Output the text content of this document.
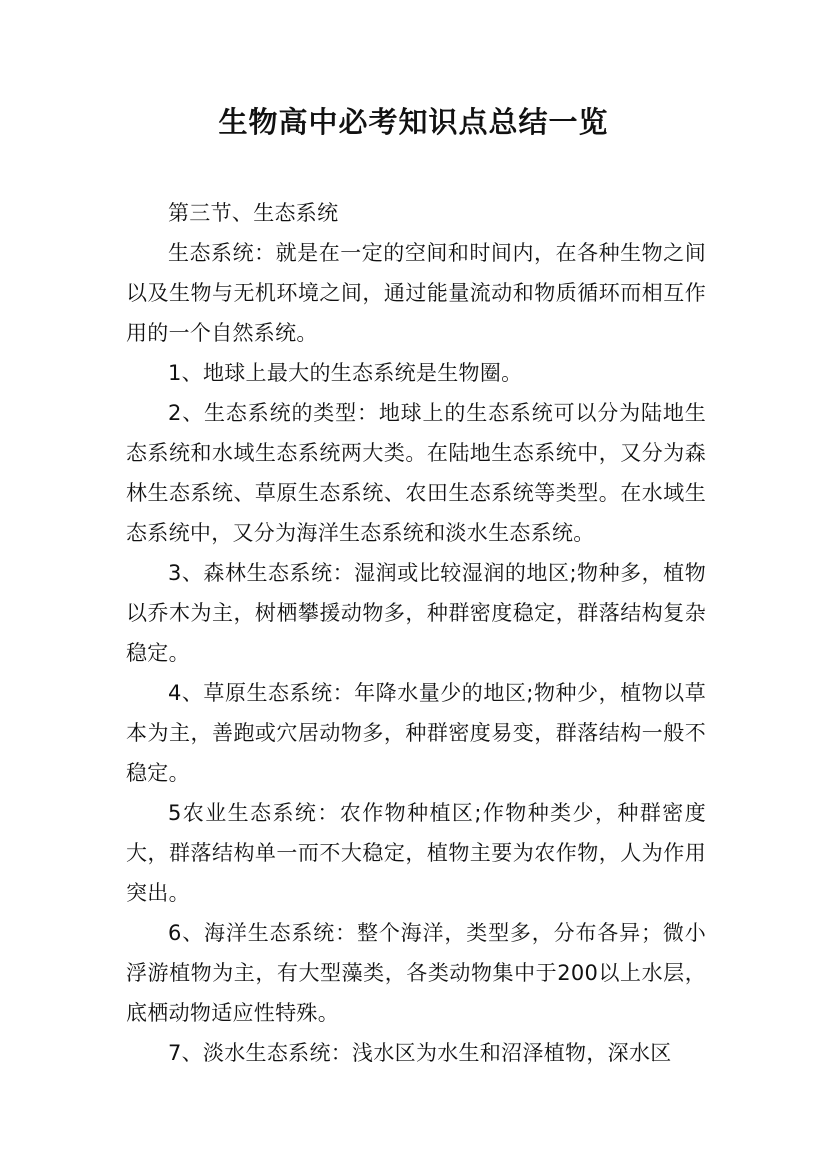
生物高中必考知识点总结一览

第三节、生态系统

生态系统：就是在一定的空间和时间内，在各种生物之间以及生物与无机环境之间，通过能量流动和物质循环而相互作用的一个自然系统。

1、地球上最大的生态系统是生物圈。

2、生态系统的类型：地球上的生态系统可以分为陆地生态系统和水域生态系统两大类。在陆地生态系统中，又分为森林生态系统、草原生态系统、农田生态系统等类型。在水域生态系统中，又分为海洋生态系统和淡水生态系统。

3、森林生态系统：湿润或比较湿润的地区;物种多，植物以乔木为主，树栖攀援动物多，种群密度稳定，群落结构复杂稳定。

4、草原生态系统：年降水量少的地区;物种少，植物以草本为主，善跑或穴居动物多，种群密度易变，群落结构一般不稳定。

5农业生态系统：农作物种植区;作物种类少，种群密度大，群落结构单一而不大稳定，植物主要为农作物，人为作用突出。

6、海洋生态系统：整个海洋，类型多，分布各异；微小浮游植物为主，有大型藻类，各类动物集中于200以上水层，底栖动物适应性特殊。

7、淡水生态系统：浅水区为水生和沼泽植物，深水区
